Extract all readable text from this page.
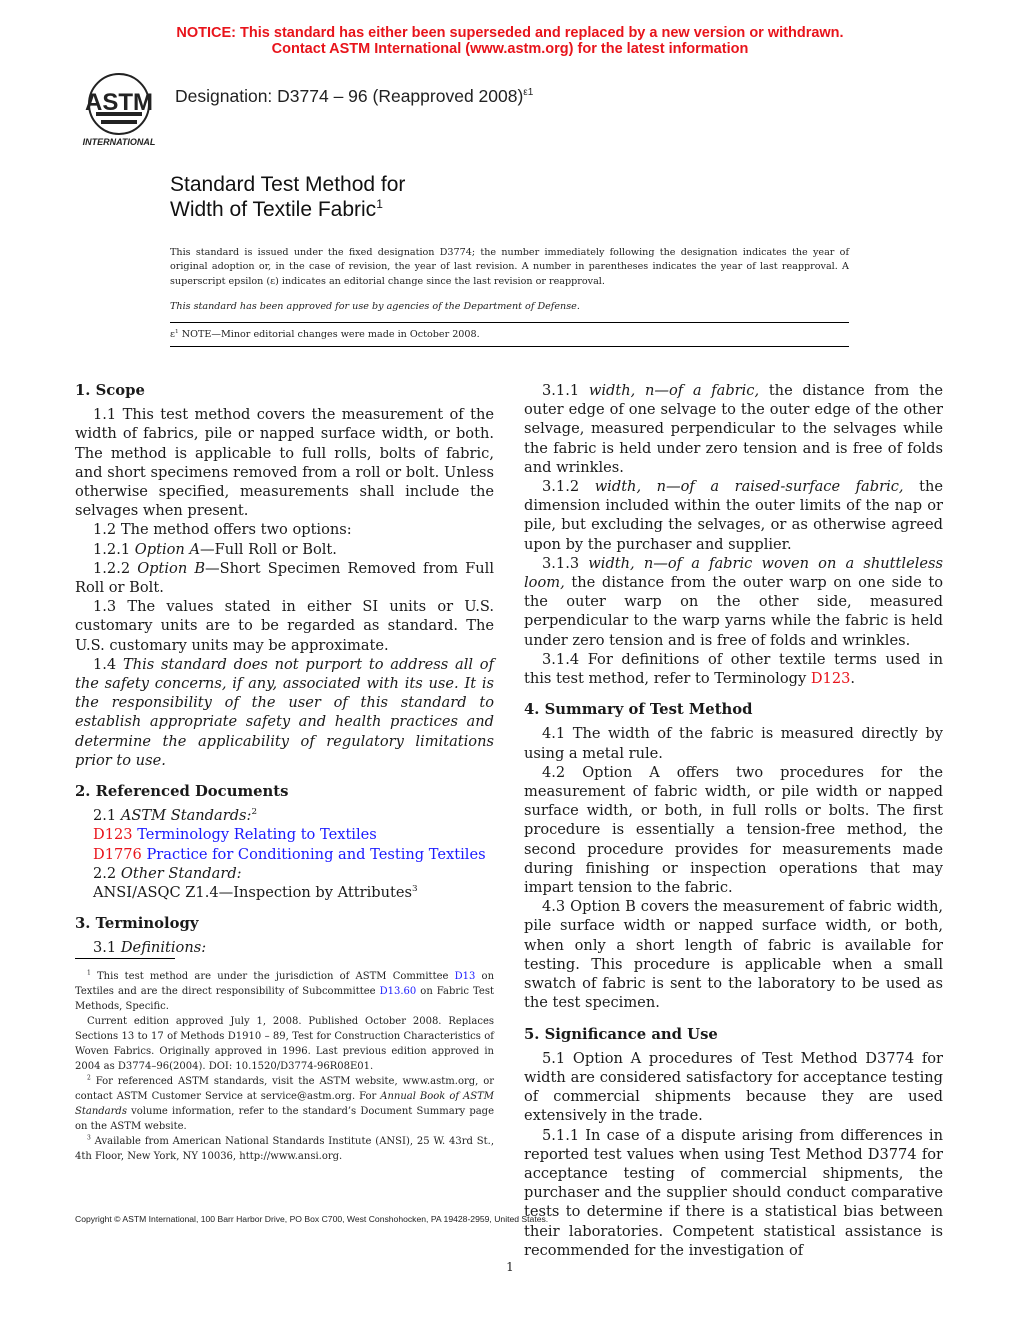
NOTICE: This standard has either been superseded and replaced by a new version or withdrawn.
Contact ASTM International (www.astm.org) for the latest information
ASTM
INTERNATIONAL
Designation: D3774 – 96 (Reapproved 2008)$^{\varepsilon 1}$
Standard Test Method for
Width of Textile Fabric$^1$

This standard is issued under the fixed designation D3774; the number immediately following the designation indicates the year of original adoption or, in the case of revision, the year of last revision. A number in parentheses indicates the year of last reapproval. A superscript epsilon (ε) indicates an editorial change since the last revision or reapproval.

This standard has been approved for use by agencies of the Department of Defense.

$\varepsilon^1$ NOTE—Minor editorial changes were made in October 2008.
1. Scope

1.1 This test method covers the measurement of the width of fabrics, pile or napped surface width, or both. The method is applicable to full rolls, bolts of fabric, and short specimens removed from a roll or bolt. Unless otherwise specified, measurements shall include the selvages when present.

1.2 The method offers two options:

1.2.1 Option A—Full Roll or Bolt.

1.2.2 Option B—Short Specimen Removed from Full Roll or Bolt.

1.3 The values stated in either SI units or U.S. customary units are to be regarded as standard. The U.S. customary units may be approximate.

1.4 This standard does not purport to address all of the safety concerns, if any, associated with its use. It is the responsibility of the user of this standard to establish appropriate safety and health practices and determine the applicability of regulatory limitations prior to use.

2. Referenced Documents

2.1 ASTM Standards:$^2$

D123 Terminology Relating to Textiles

D1776 Practice for Conditioning and Testing Textiles

2.2 Other Standard:

ANSI/ASQC Z1.4—Inspection by Attributes$^3$

3. Terminology

3.1 Definitions:

3.1.1 width, n—of a fabric, the distance from the outer edge of one selvage to the outer edge of the other selvage, measured perpendicular to the selvages while the fabric is held under zero tension and is free of folds and wrinkles.

3.1.2 width, n—of a raised-surface fabric, the dimension included within the outer limits of the nap or pile, but excluding the selvages, or as otherwise agreed upon by the purchaser and supplier.

3.1.3 width, n—of a fabric woven on a shuttleless loom, the distance from the outer warp on one side to the outer warp on the other side, measured perpendicular to the warp yarns while the fabric is held under zero tension and is free of folds and wrinkles.

3.1.4 For definitions of other textile terms used in this test method, refer to Terminology D123.

4. Summary of Test Method

4.1 The width of the fabric is measured directly by using a metal rule.

4.2 Option A offers two procedures for the measurement of fabric width, or pile width or napped surface width, or both, in full rolls or bolts. The first procedure is essentially a tension-free method, the second procedure provides for measurements made during finishing or inspection operations that may impart tension to the fabric.

4.3 Option B covers the measurement of fabric width, pile surface width or napped surface width, or both, when only a short length of fabric is available for testing. This procedure is applicable when a small swatch of fabric is sent to the laboratory to be used as the test specimen.

5. Significance and Use

5.1 Option A procedures of Test Method D3774 for width are considered satisfactory for acceptance testing of commercial shipments because they are used extensively in the trade.

5.1.1 In case of a dispute arising from differences in reported test values when using Test Method D3774 for acceptance testing of commercial shipments, the purchaser and the supplier should conduct comparative tests to determine if there is a statistical bias between their laboratories. Competent statistical assistance is recommended for the investigation of

$^1$ This test method are under the jurisdiction of ASTM Committee D13 on Textiles and are the direct responsibility of Subcommittee D13.60 on Fabric Test Methods, Specific.

Current edition approved July 1, 2008. Published October 2008. Replaces Sections 13 to 17 of Methods D1910 – 89, Test for Construction Characteristics of Woven Fabrics. Originally approved in 1996. Last previous edition approved in 2004 as D3774–96(2004). DOI: 10.1520/D3774-96R08E01.

$^2$ For referenced ASTM standards, visit the ASTM website, www.astm.org, or contact ASTM Customer Service at service@astm.org. For Annual Book of ASTM Standards volume information, refer to the standard’s Document Summary page on the ASTM website.

$^3$ Available from American National Standards Institute (ANSI), 25 W. 43rd St., 4th Floor, New York, NY 10036, http://www.ansi.org.

Copyright © ASTM International, 100 Barr Harbor Drive, PO Box C700, West Conshohocken, PA 19428-2959, United States.
1
